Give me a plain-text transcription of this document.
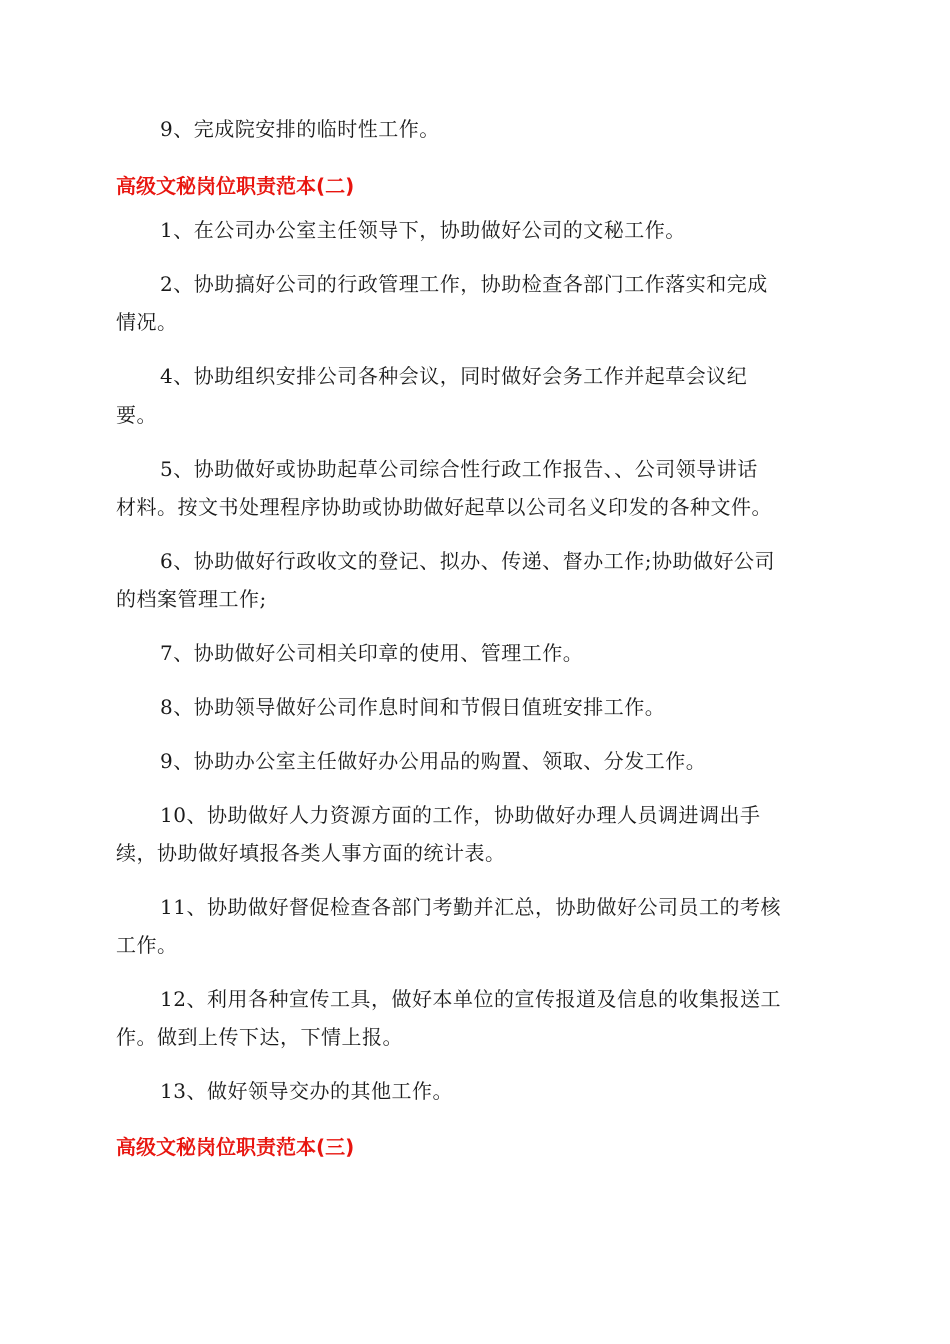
9、完成院安排的临时性工作。
高级文秘岗位职责范本(二)
1、在公司办公室主任领导下，协助做好公司的文秘工作。
2、协助搞好公司的行政管理工作，协助检查各部门工作落实和完成
情况。
4、协助组织安排公司各种会议，同时做好会务工作并起草会议纪
要。
5、协助做好或协助起草公司综合性行政工作报告、、公司领导讲话
材料。按文书处理程序协助或协助做好起草以公司名义印发的各种文件。
6、协助做好行政收文的登记、拟办、传递、督办工作;协助做好公司
的档案管理工作;
7、协助做好公司相关印章的使用、管理工作。
8、协助领导做好公司作息时间和节假日值班安排工作。
9、协助办公室主任做好办公用品的购置、领取、分发工作。
10、协助做好人力资源方面的工作，协助做好办理人员调进调出手
续，协助做好填报各类人事方面的统计表。
11、协助做好督促检查各部门考勤并汇总，协助做好公司员工的考核
工作。
12、利用各种宣传工具，做好本单位的宣传报道及信息的收集报送工
作。做到上传下达，下情上报。
13、做好领导交办的其他工作。
高级文秘岗位职责范本(三)
